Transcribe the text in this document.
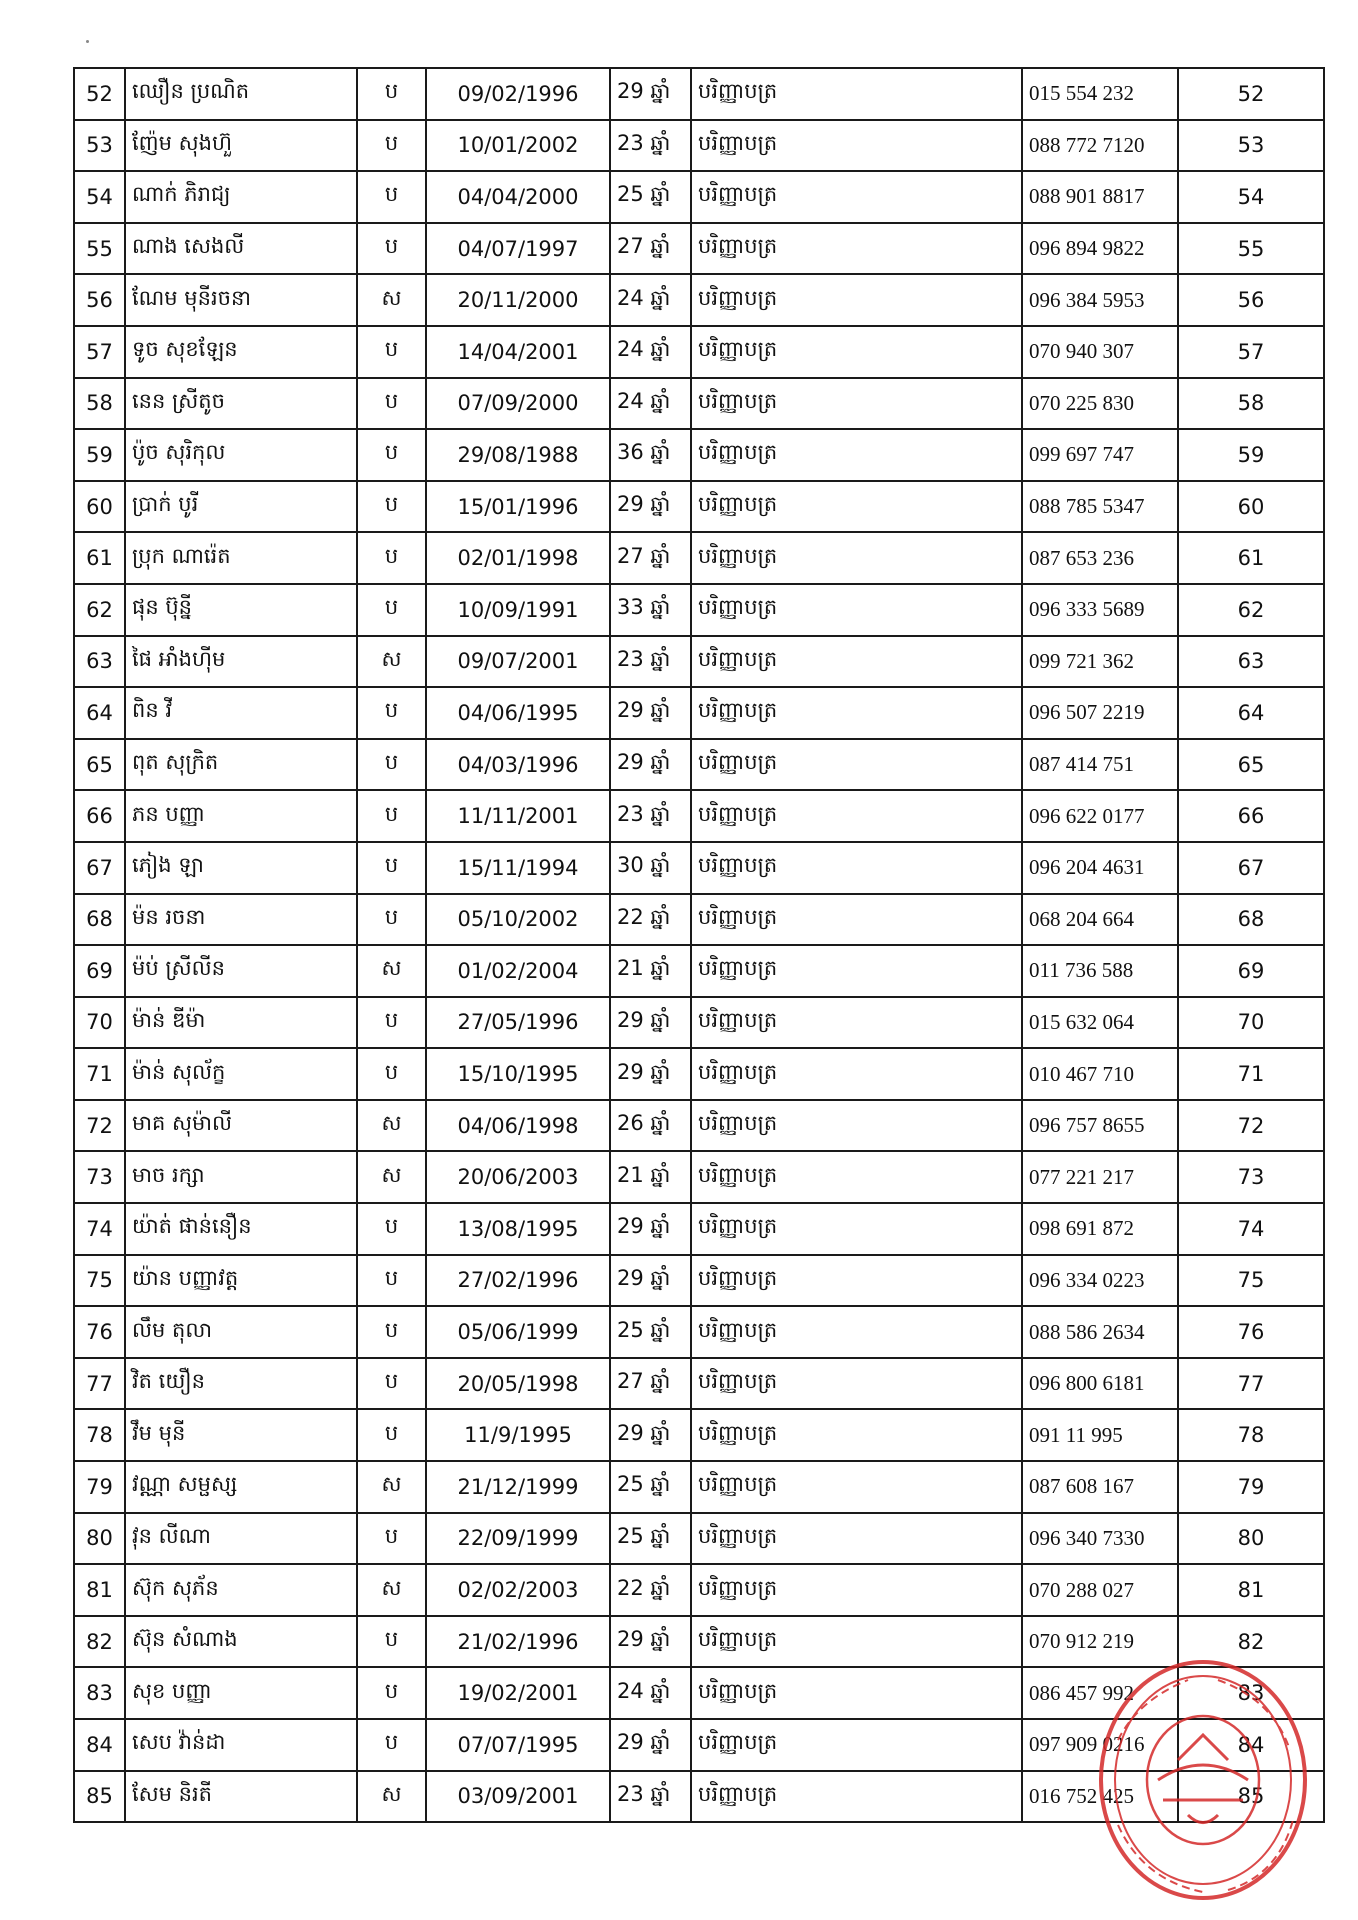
52	ឈឿន ប្រណិត	ប	09/02/1996	29 ឆ្នាំ	បរិញ្ញាបត្រ	015 554 232	52
53	ញ៉ែម សុងហ៊ួ	ប	10/01/2002	23 ឆ្នាំ	បរិញ្ញាបត្រ	088 772 7120	53
54	ណាក់ ភិរាជ្យ	ប	04/04/2000	25 ឆ្នាំ	បរិញ្ញាបត្រ	088 901 8817	54
55	ណាង សេងលី	ប	04/07/1997	27 ឆ្នាំ	បរិញ្ញាបត្រ	096 894 9822	55
56	ណែម មុនីរចនា	ស	20/11/2000	24 ឆ្នាំ	បរិញ្ញាបត្រ	096 384 5953	56
57	ទូច សុខឡែន	ប	14/04/2001	24 ឆ្នាំ	បរិញ្ញាបត្រ	070 940 307	57
58	នេន ស្រីតូច	ប	07/09/2000	24 ឆ្នាំ	បរិញ្ញាបត្រ	070 225 830	58
59	ប៉ូច សុរិកុល	ប	29/08/1988	36 ឆ្នាំ	បរិញ្ញាបត្រ	099 697 747	59
60	ប្រាក់ បូរី	ប	15/01/1996	29 ឆ្នាំ	បរិញ្ញាបត្រ	088 785 5347	60
61	ប្រុក ណារ៉េត	ប	02/01/1998	27 ឆ្នាំ	បរិញ្ញាបត្រ	087 653 236	61
62	ផុន ប៊ុន្នី	ប	10/09/1991	33 ឆ្នាំ	បរិញ្ញាបត្រ	096 333 5689	62
63	ផៃ អាំងហ៊ីម	ស	09/07/2001	23 ឆ្នាំ	បរិញ្ញាបត្រ	099 721 362	63
64	ពិន វី	ប	04/06/1995	29 ឆ្នាំ	បរិញ្ញាបត្រ	096 507 2219	64
65	ពុត សុក្រិត	ប	04/03/1996	29 ឆ្នាំ	បរិញ្ញាបត្រ	087 414 751	65
66	ភន បញ្ញា	ប	11/11/2001	23 ឆ្នាំ	បរិញ្ញាបត្រ	096 622 0177	66
67	ភៀង ឡា	ប	15/11/1994	30 ឆ្នាំ	បរិញ្ញាបត្រ	096 204 4631	67
68	ម៉ន រចនា	ប	05/10/2002	22 ឆ្នាំ	បរិញ្ញាបត្រ	068 204 664	68
69	ម៉ប់ ស្រីលីន	ស	01/02/2004	21 ឆ្នាំ	បរិញ្ញាបត្រ	011 736 588	69
70	ម៉ាន់ ឌីម៉ា	ប	27/05/1996	29 ឆ្នាំ	បរិញ្ញាបត្រ	015 632 064	70
71	ម៉ាន់ សុល័ក្ខ	ប	15/10/1995	29 ឆ្នាំ	បរិញ្ញាបត្រ	010 467 710	71
72	មាគ សុម៉ាលី	ស	04/06/1998	26 ឆ្នាំ	បរិញ្ញាបត្រ	096 757 8655	72
73	មាច រក្សា	ស	20/06/2003	21 ឆ្នាំ	បរិញ្ញាបត្រ	077 221 217	73
74	យ៉ាត់ ផាន់នឿន	ប	13/08/1995	29 ឆ្នាំ	បរិញ្ញាបត្រ	098 691 872	74
75	យ៉ាន បញ្ញាវត្ត	ប	27/02/1996	29 ឆ្នាំ	បរិញ្ញាបត្រ	096 334 0223	75
76	លឹម តុលា	ប	05/06/1999	25 ឆ្នាំ	បរិញ្ញាបត្រ	088 586 2634	76
77	វិត យឿន	ប	20/05/1998	27 ឆ្នាំ	បរិញ្ញាបត្រ	096 800 6181	77
78	វឹម មុនី	ប	11/9/1995	29 ឆ្នាំ	បរិញ្ញាបត្រ	091 11 995	78
79	វណ្ណា សម្ផស្ស	ស	21/12/1999	25 ឆ្នាំ	បរិញ្ញាបត្រ	087 608 167	79
80	វុន លីណា	ប	22/09/1999	25 ឆ្នាំ	បរិញ្ញាបត្រ	096 340 7330	80
81	ស៊ុក សុភ័ន	ស	02/02/2003	22 ឆ្នាំ	បរិញ្ញាបត្រ	070 288 027	81
82	ស៊ុន សំណាង	ប	21/02/1996	29 ឆ្នាំ	បរិញ្ញាបត្រ	070 912 219	82
83	សុខ បញ្ញា	ប	19/02/2001	24 ឆ្នាំ	បរិញ្ញាបត្រ	086 457 992	83
84	សេប វ៉ាន់ដា	ប	07/07/1995	29 ឆ្នាំ	បរិញ្ញាបត្រ	097 909 0216	84
85	សែម និរតី	ស	03/09/2001	23 ឆ្នាំ	បរិញ្ញាបត្រ	016 752 425	85
